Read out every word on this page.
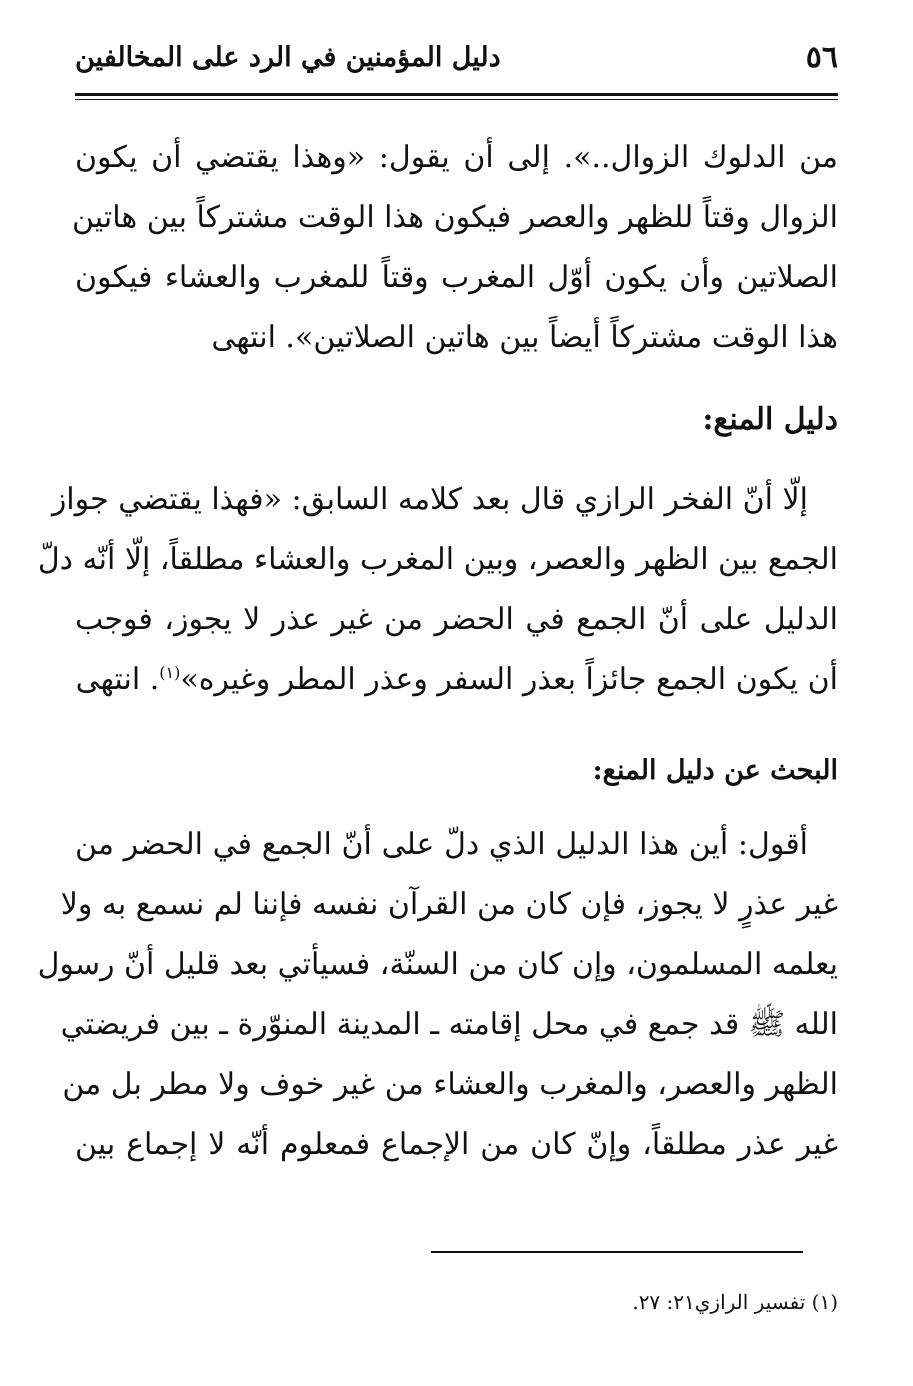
٥٦
دليل المؤمنين في الرد على المخالفين
من الدلوك الزوال..». إلى أن يقول: «وهذا يقتضي أن يكون
الزوال وقتاً للظهر والعصر فيكون هذا الوقت مشتركاً بين هاتين
الصلاتين وأن يكون أوّل المغرب وقتاً للمغرب والعشاء فيكون
هذا الوقت مشتركاً أيضاً بين هاتين الصلاتين». انتهى
دليل المنع:
إلّا أنّ الفخر الرازي قال بعد كلامه السابق: «فهذا يقتضي جواز
الجمع بين الظهر والعصر، وبين المغرب والعشاء مطلقاً، إلّا أنّه دلّ
الدليل على أنّ الجمع في الحضر من غير عذر لا يجوز، فوجب
أن يكون الجمع جائزاً بعذر السفر وعذر المطر وغيره»$^{(١)}$. انتهى
البحث عن دليل المنع:
أقول: أين هذا الدليل الذي دلّ على أنّ الجمع في الحضر من
غير عذرٍ لا يجوز، فإن كان من القرآن نفسه فإننا لم نسمع به ولا
يعلمه المسلمون، وإن كان من السنّة، فسيأتي بعد قليل أنّ رسول
الله ﷺ قد جمع في محل إقامته ـ المدينة المنوّرة ـ بين فريضتي
الظهر والعصر، والمغرب والعشاء من غير خوف ولا مطر بل من
غير عذر مطلقاً، وإنّ كان من الإجماع فمعلوم أنّه لا إجماع بين
(١) تفسير الرازي٢١: ٢٧.
